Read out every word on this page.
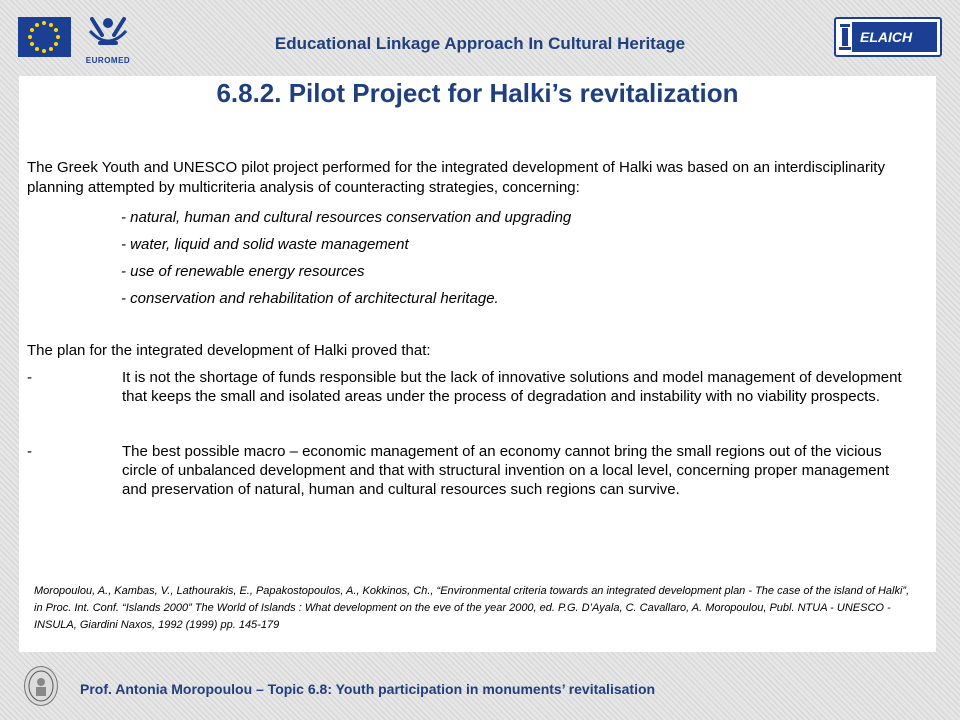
EUROMED
Educational Linkage Approach In Cultural Heritage	ELAICH
6.8.2. Pilot Project for Halki’s revitalization
The Greek Youth and UNESCO pilot project performed for the integrated development of Halki was based on an interdisciplinarity planning attempted by multicriteria analysis of counteracting strategies, concerning:
- natural, human and cultural resources conservation and upgrading
- water, liquid and solid waste management
- use of renewable energy resources
- conservation and rehabilitation of architectural heritage.
The plan for the integrated development of Halki proved that:
-	It is not the shortage of funds responsible but the lack of innovative solutions and model management of development that keeps the small and isolated areas under the process of degradation and instability with no viability prospects.
-	The best possible macro – economic management of an economy cannot bring the small regions out of the vicious circle of unbalanced development and that with structural invention on a local level, concerning proper management and preservation of natural, human and cultural resources such regions can survive.
Moropoulou, A., Kambas, V., Lathourakis, E., Papakostopoulos, A., Kokkinos, Ch., “Environmental criteria towards an integrated development plan - The case of the island of Halki”, in Proc. Int. Conf. “Islands 2000” The World of Islands : What development on the eve of the year 2000, ed. P.G. D’Ayala, C. Cavallaro, A. Moropoulou, Publ. NTUA - UNESCO - INSULA, Giardini Naxos, 1992 (1999) pp. 145-179
Prof. Antonia Moropoulou – Topic 6.8: Youth participation in monuments’ revitalisation
